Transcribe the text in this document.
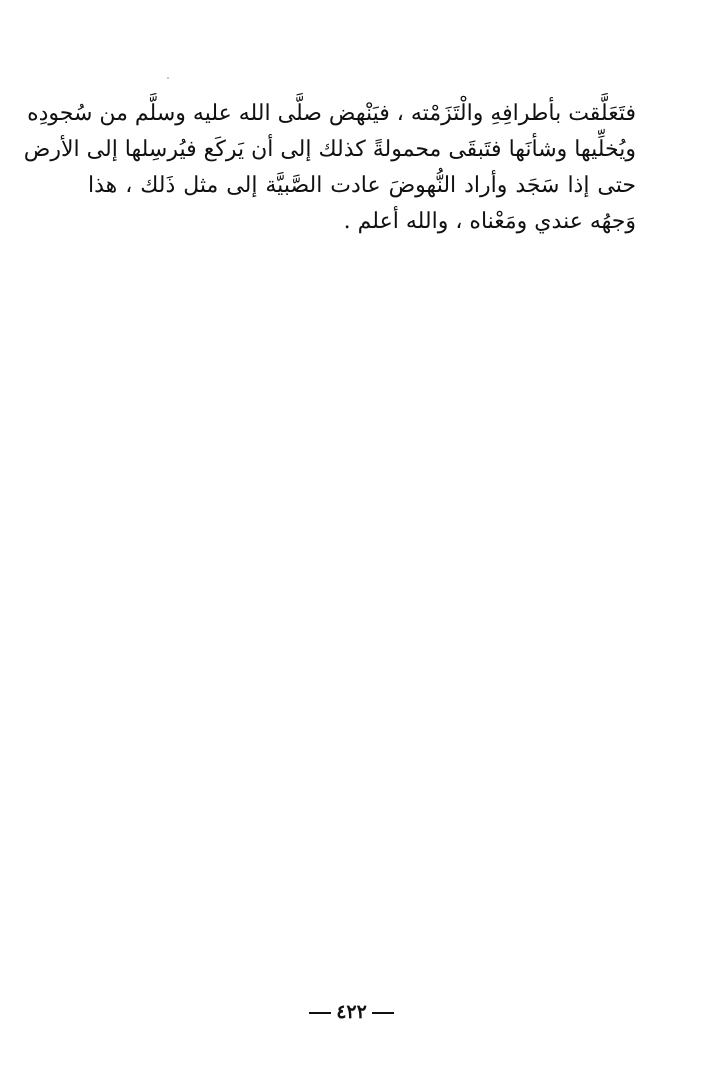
فتَعَلَّقت بأطرافِهِ والْتَزَمْته ، فيَنْهض صلَّى الله عليه وسلَّم من سُجودِه
ويُخلِّيها وشأنَها فتَبقَى محمولةً كذلك إلى أن يَركَع فيُرسِلها إلى الأرض
حتى إذا سَجَد وأراد النُّهوضَ عادت الصَّبيَّة إلى مثل ذَلك ، هذا
وَجهُه عندي ومَعْناه ، والله أعلم .
٤٢٢
